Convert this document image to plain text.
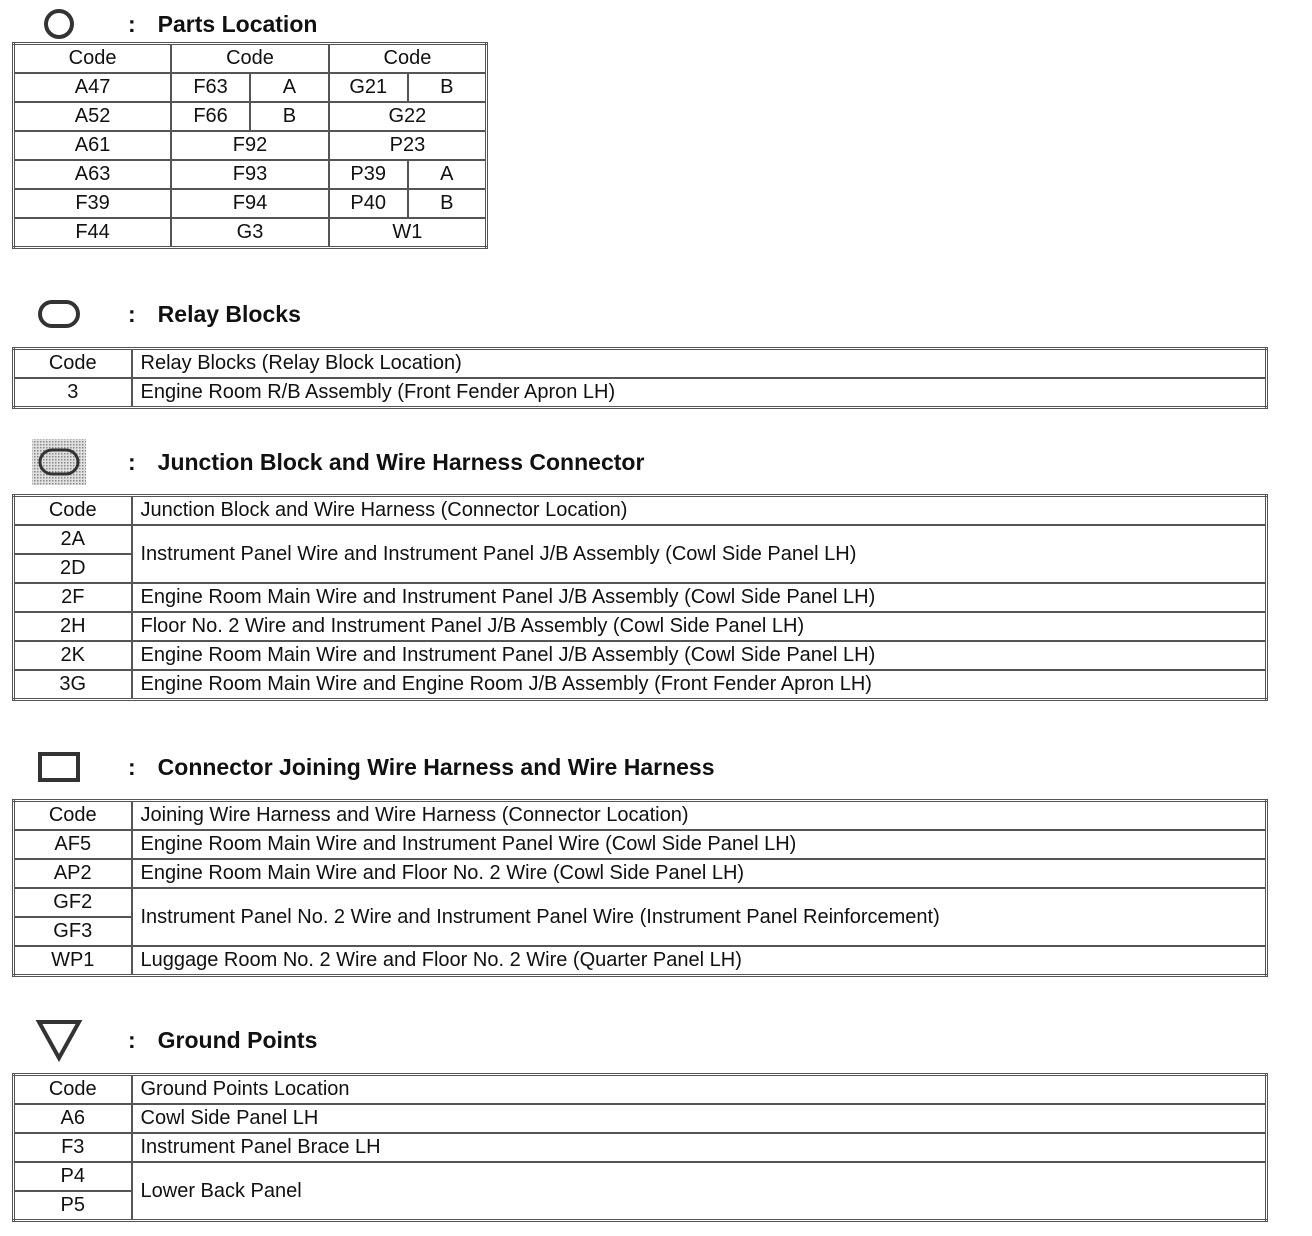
: Parts Location
Code	Code		Code	
A47	F63	A	G21	B
A52	F66	B	G22	
A61	F92		P23	
A63	F93		P39	A
F39	F94		P40	B
F44	G3		W1	
: Relay Blocks
Code	Relay Blocks (Relay Block Location)
3	Engine Room R/B Assembly (Front Fender Apron LH)
: Junction Block and Wire Harness Connector
Code	Junction Block and Wire Harness (Connector Location)
2A	Instrument Panel Wire and Instrument Panel J/B Assembly (Cowl Side Panel LH)
2D	
2F	Engine Room Main Wire and Instrument Panel J/B Assembly (Cowl Side Panel LH)
2H	Floor No. 2 Wire and Instrument Panel J/B Assembly (Cowl Side Panel LH)
2K	Engine Room Main Wire and Instrument Panel J/B Assembly (Cowl Side Panel LH)
3G	Engine Room Main Wire and Engine Room J/B Assembly (Front Fender Apron LH)
: Connector Joining Wire Harness and Wire Harness
Code	Joining Wire Harness and Wire Harness (Connector Location)
AF5	Engine Room Main Wire and Instrument Panel Wire (Cowl Side Panel LH)
AP2	Engine Room Main Wire and Floor No. 2 Wire (Cowl Side Panel LH)
GF2	Instrument Panel No. 2 Wire and Instrument Panel Wire (Instrument Panel Reinforcement)
GF3	
WP1	Luggage Room No. 2 Wire and Floor No. 2 Wire (Quarter Panel LH)
: Ground Points
Code	Ground Points Location
A6	Cowl Side Panel LH
F3	Instrument Panel Brace LH
P4	Lower Back Panel
P5	
